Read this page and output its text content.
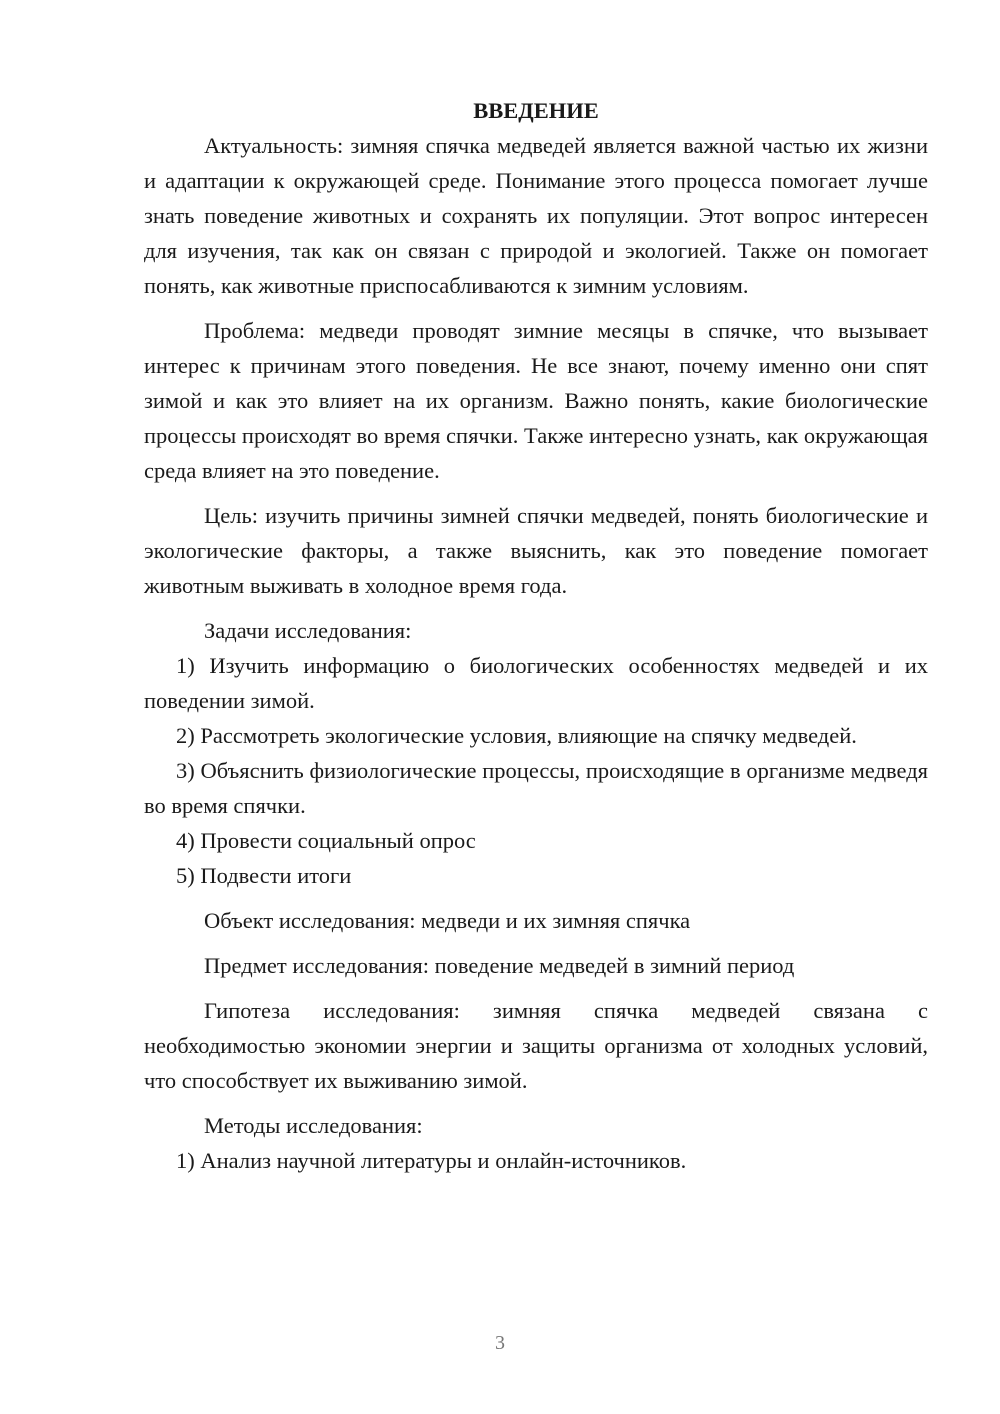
ВВЕДЕНИЕ

Актуальность: зимняя спячка медведей является важной частью их жизни и адаптации к окружающей среде. Понимание этого процесса помогает лучше знать поведение животных и сохранять их популяции. Этот вопрос интересен для изучения, так как он связан с природой и экологией. Также он помогает понять, как животные приспосабливаются к зимним условиям.

Проблема: медведи проводят зимние месяцы в спячке, что вызывает интерес к причинам этого поведения. Не все знают, почему именно они спят зимой и как это влияет на их организм. Важно понять, какие биологические процессы происходят во время спячки. Также интересно узнать, как окружающая среда влияет на это поведение.

Цель: изучить причины зимней спячки медведей, понять биологические и экологические факторы, а также выяснить, как это поведение помогает животным выживать в холодное время года.

Задачи исследования:

1) Изучить информацию о биологических особенностях медведей и их поведении зимой.

2) Рассмотреть экологические условия, влияющие на спячку медведей.

3) Объяснить физиологические процессы, происходящие в организме медведя во время спячки.

4) Провести социальный опрос

5) Подвести итоги

Объект исследования: медведи и их зимняя спячка

Предмет исследования: поведение медведей в зимний период

Гипотеза исследования: зимняя спячка медведей связана с необходимостью экономии энергии и защиты организма от холодных условий, что способствует их выживанию зимой.

Методы исследования:

1) Анализ научной литературы и онлайн-источников.

3
